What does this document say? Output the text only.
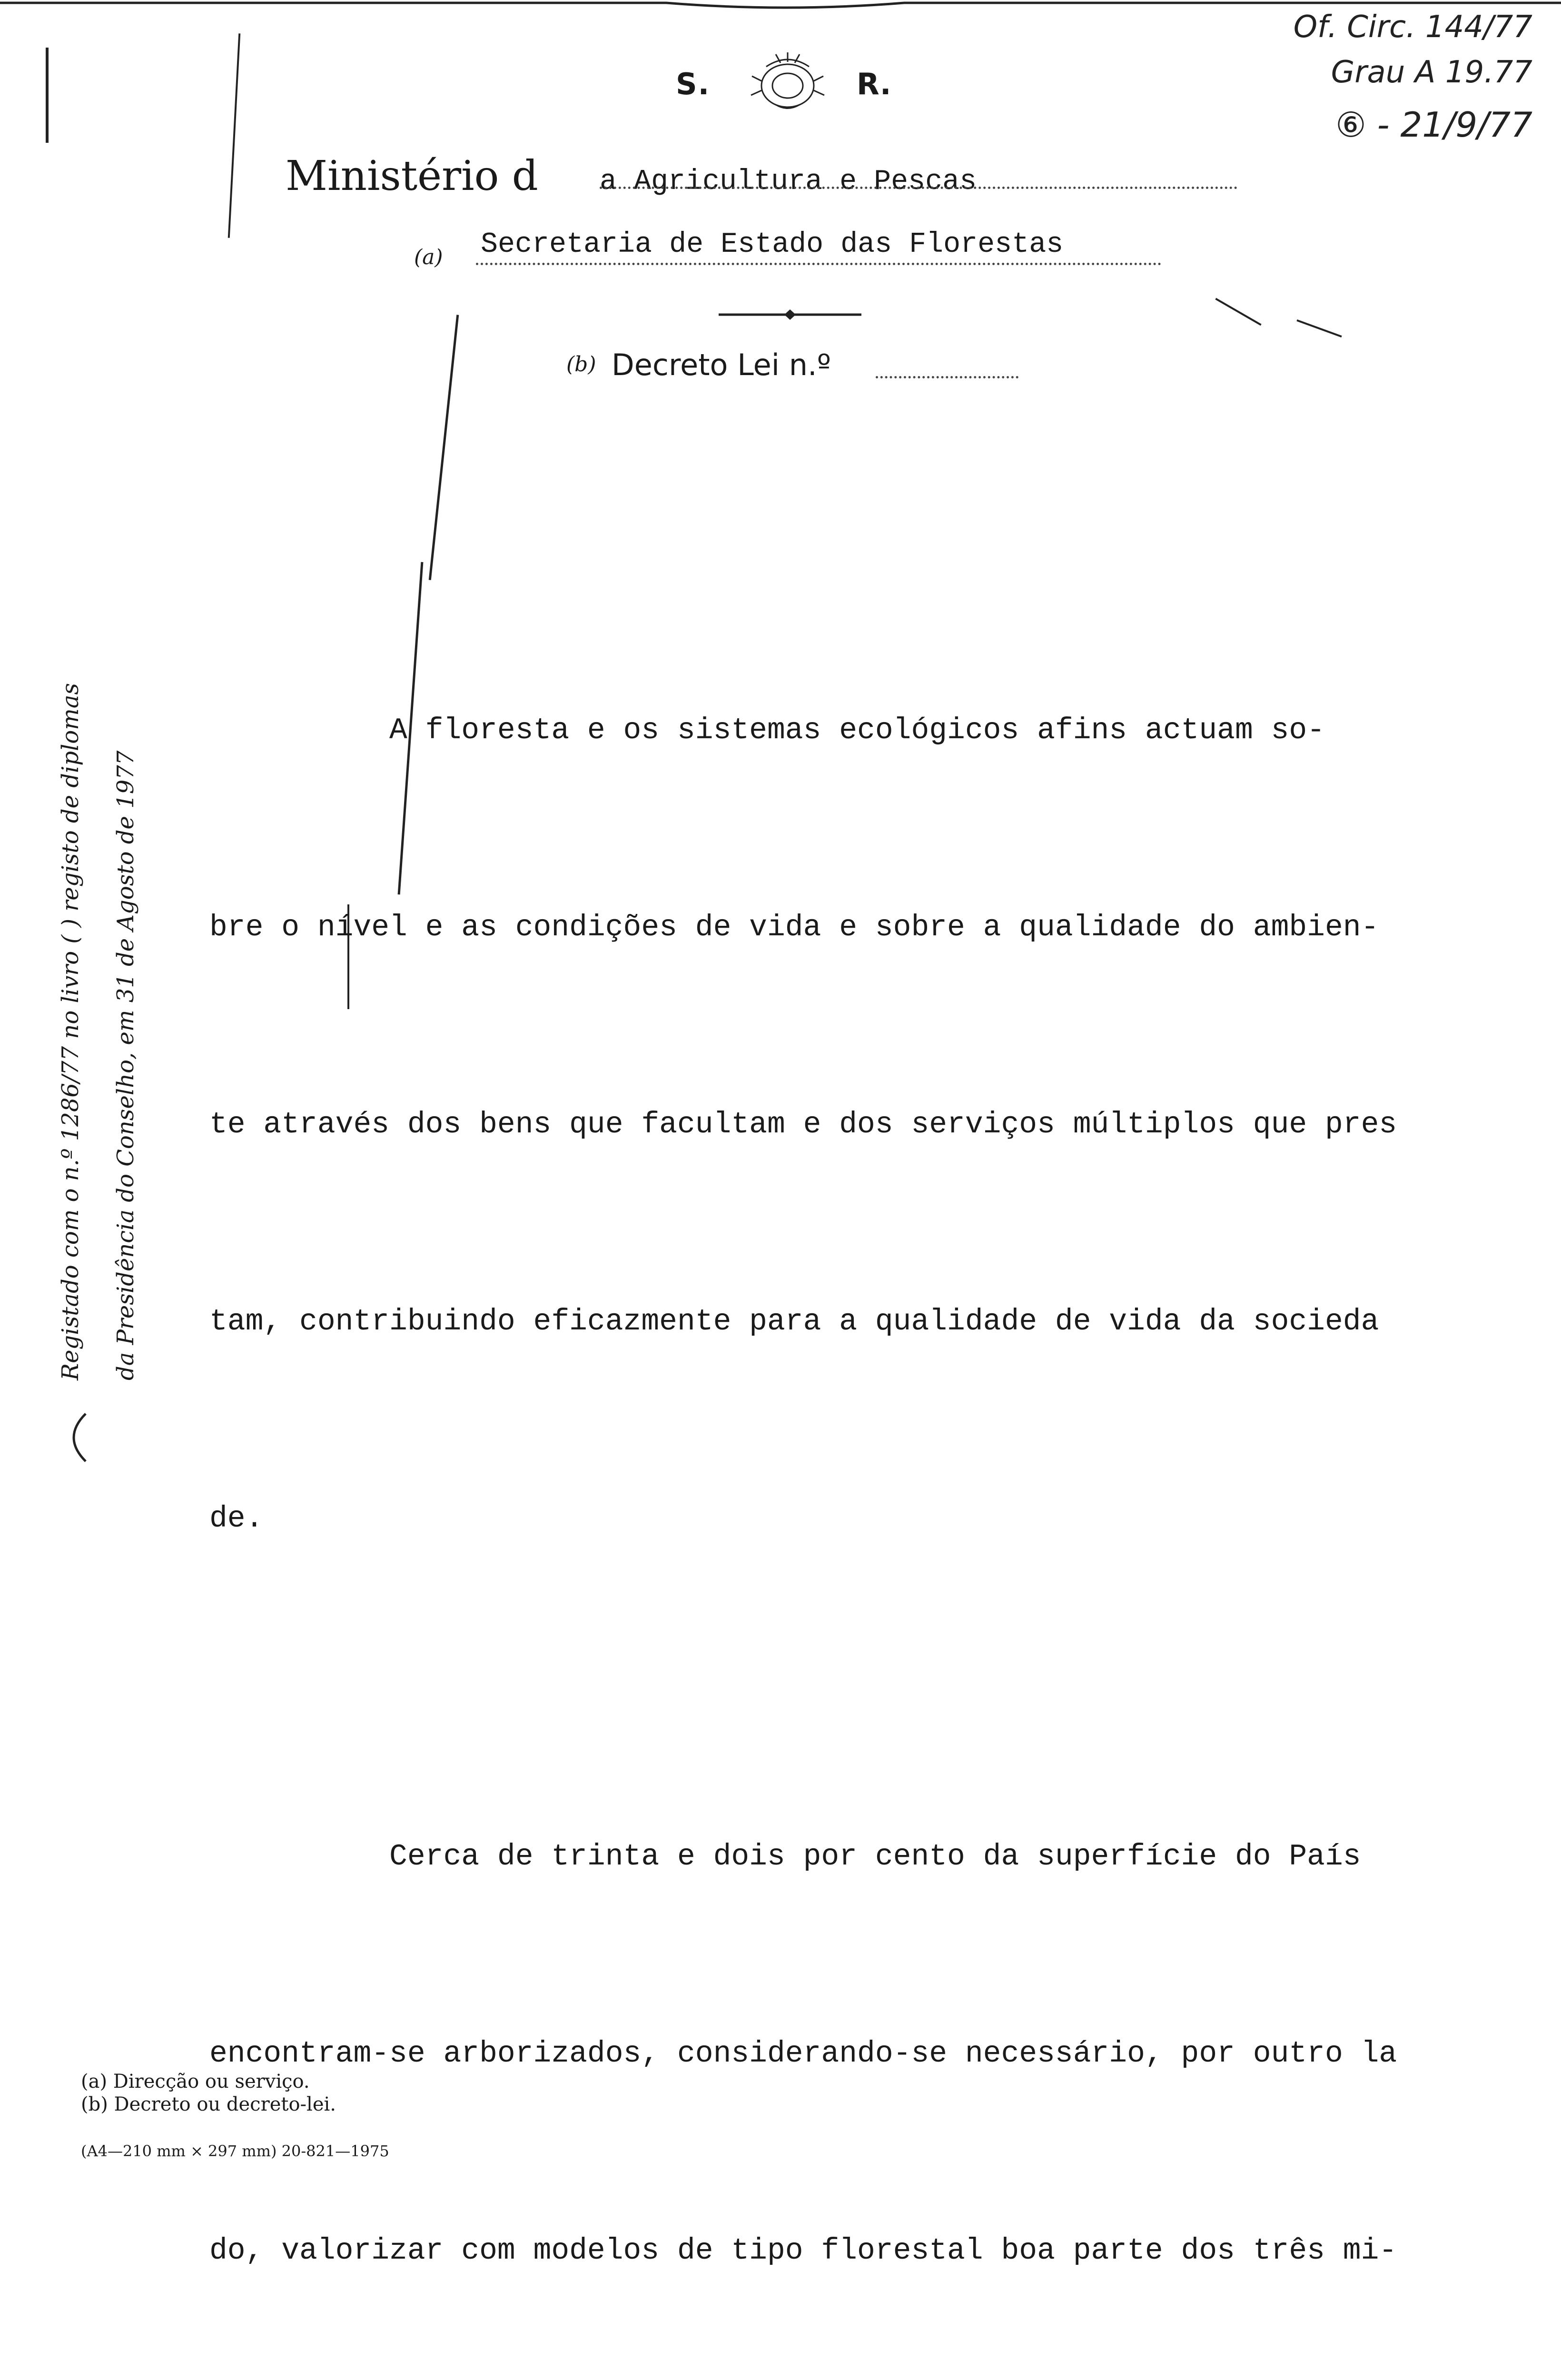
S.	R.
Ministério d a Agricultura e Pescas
(a) Secretaria de Estado das Florestas
(b) Decreto Lei n.º
Of. Circ. 144/77
Grau A 19.77
⑥ - 21/9/77
Registado com o n.º 1286/77 no livro ( ) registo de diplomas da Presidência do Conselho, em 31 de Agosto de 1977

A floresta e os sistemas ecológicos afins actuam so-

bre o nível e as condições de vida e sobre a qualidade do ambien-

te através dos bens que facultam e dos serviços múltiplos que pres

tam, contribuindo eficazmente para a qualidade de vida da socieda

de.

Cerca de trinta e dois por cento da superfície do País

encontram-se arborizados, considerando-se necessário, por outro la

do, valorizar com modelos de tipo florestal boa parte dos três mi-

(a) Direcção ou serviço.
(b) Decreto ou decreto-lei.
(A4—210 mm × 297 mm) 20-821—1975
